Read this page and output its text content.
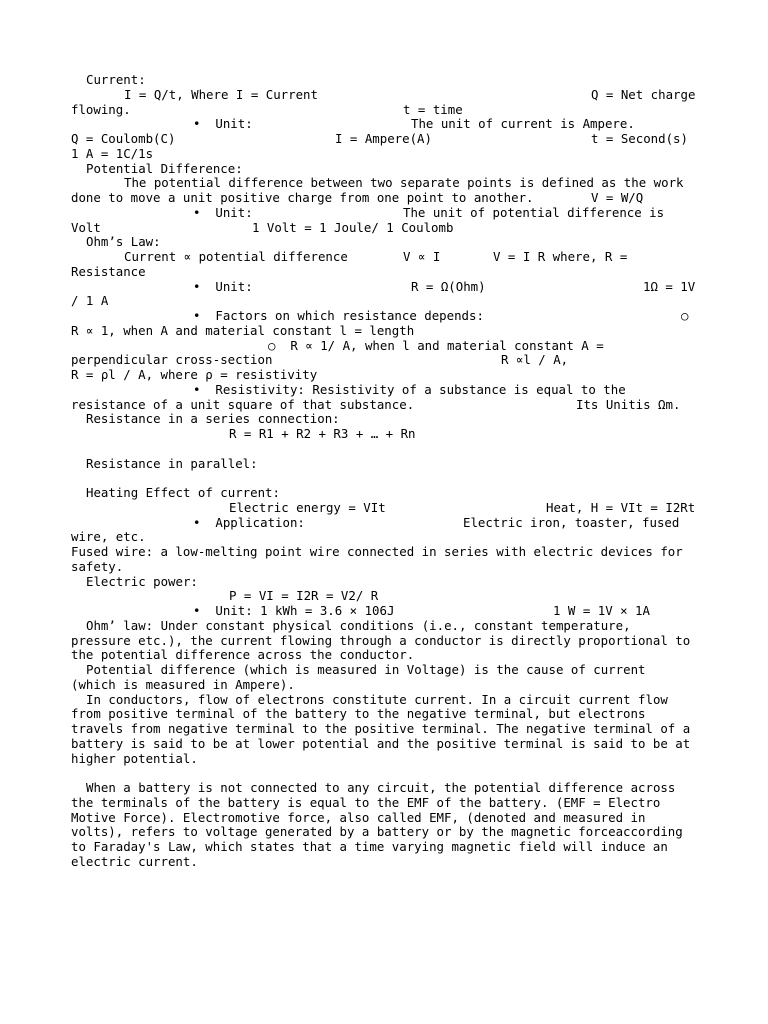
Current:
I = Q/t, Where I = Current	Q = Net charge
flowing.	t = time
•  Unit:	The unit of current is Ampere.
Q = Coulomb(C)	I = Ampere(A)	t = Second(s)
1 A = 1C/1s
Potential Difference:
The potential difference between two separate points is defined as the work
done to move a unit positive charge from one point to another.	V = W/Q
•  Unit:	The unit of potential difference is
Volt	1 Volt = 1 Joule/ 1 Coulomb
Ohm’s Law:
Current ∝ potential difference	V ∝ I	V = I R where, R =
Resistance
•  Unit:	R = Ω(Ohm)	1Ω = 1V
/ 1 A
•  Factors on which resistance depends:	○
R ∝ 1, when A and material constant l = length
○  R ∝ 1/ A, when l and material constant A =
perpendicular cross-section	R ∝l / A,
R = ρl / A, where ρ = resistivity
•  Resistivity: Resistivity of a substance is equal to the
resistance of a unit square of that substance.	Its Unitis Ωm.
Resistance in a series connection:
R = R1 + R2 + R3 + … + Rn
Resistance in parallel:
Heating Effect of current:
Electric energy = VIt	Heat, H = VIt = I2Rt
•  Application:	Electric iron, toaster, fused
wire, etc.
Fused wire: a low-melting point wire connected in series with electric devices for
safety.
Electric power:
P = VI = I2R = V2/ R
•  Unit: 1 kWh = 3.6 × 106J	1 W = 1V × 1A
Ohm’ law: Under constant physical conditions (i.e., constant temperature,
pressure etc.), the current flowing through a conductor is directly proportional to
the potential difference across the conductor.
Potential difference (which is measured in Voltage) is the cause of current
(which is measured in Ampere).
In conductors, flow of electrons constitute current. In a circuit current flow
from positive terminal of the battery to the negative terminal, but electrons
travels from negative terminal to the positive terminal. The negative terminal of a
battery is said to be at lower potential and the positive terminal is said to be at
higher potential.
When a battery is not connected to any circuit, the potential difference across
the terminals of the battery is equal to the EMF of the battery. (EMF = Electro
Motive Force). Electromotive force, also called EMF, (denoted and measured in
volts), refers to voltage generated by a battery or by the magnetic forceaccording
to Faraday's Law, which states that a time varying magnetic field will induce an
electric current.
